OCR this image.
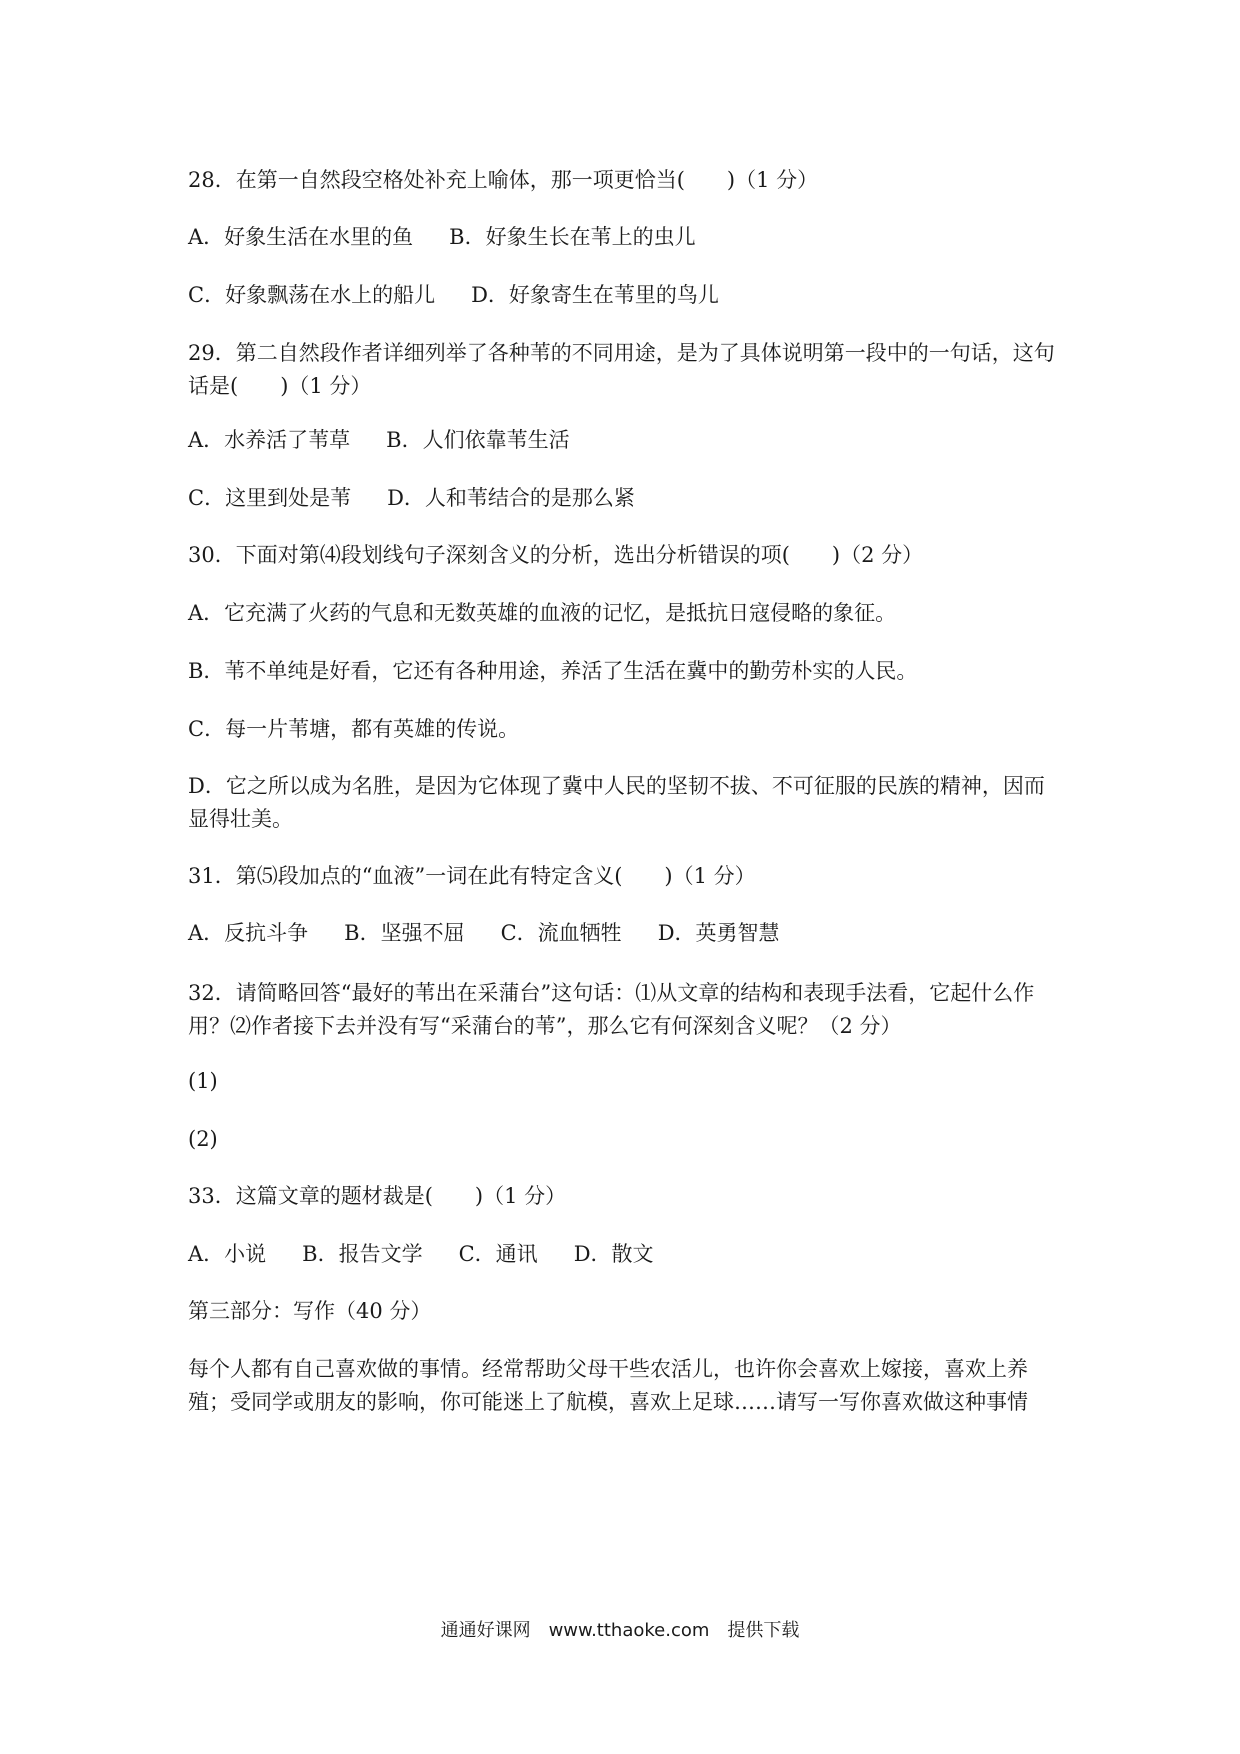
28．在第一自然段空格处补充上喻体，那一项更恰当(　　)（1 分）
A．好象生活在水里的鱼 B．好象生长在苇上的虫儿
C．好象飘荡在水上的船儿 D．好象寄生在苇里的鸟儿
29．第二自然段作者详细列举了各种苇的不同用途，是为了具体说明第一段中的一句话，这句话是(　　)（1 分）
A．水养活了苇草 B．人们依靠苇生活
C．这里到处是苇 D．人和苇结合的是那么紧
30．下面对第⑷段划线句子深刻含义的分析，选出分析错误的项(　　)（2 分）
A．它充满了火药的气息和无数英雄的血液的记忆，是抵抗日寇侵略的象征。
B．苇不单纯是好看，它还有各种用途，养活了生活在冀中的勤劳朴实的人民。
C．每一片苇塘，都有英雄的传说。
D．它之所以成为名胜，是因为它体现了冀中人民的坚韧不拔、不可征服的民族的精神，因而显得壮美。
31．第⑸段加点的“血液”一词在此有特定含义(　　)（1 分）
A．反抗斗争 B．坚强不屈 C．流血牺牲 D．英勇智慧
32．请简略回答“最好的苇出在采蒲台”这句话：⑴从文章的结构和表现手法看，它起什么作用？⑵作者接下去并没有写“采蒲台的苇”，那么它有何深刻含义呢？（2 分）
(1)
(2)
33．这篇文章的题材裁是(　　)（1 分）
A．小说 B．报告文学 C．通讯 D．散文
第三部分：写作（40 分）
每个人都有自己喜欢做的事情。经常帮助父母干些农活儿，也许你会喜欢上嫁接，喜欢上养殖；受同学或朋友的影响，你可能迷上了航模，喜欢上足球……请写一写你喜欢做这种事情
通通好课网　www.tthaoke.com　提供下载
